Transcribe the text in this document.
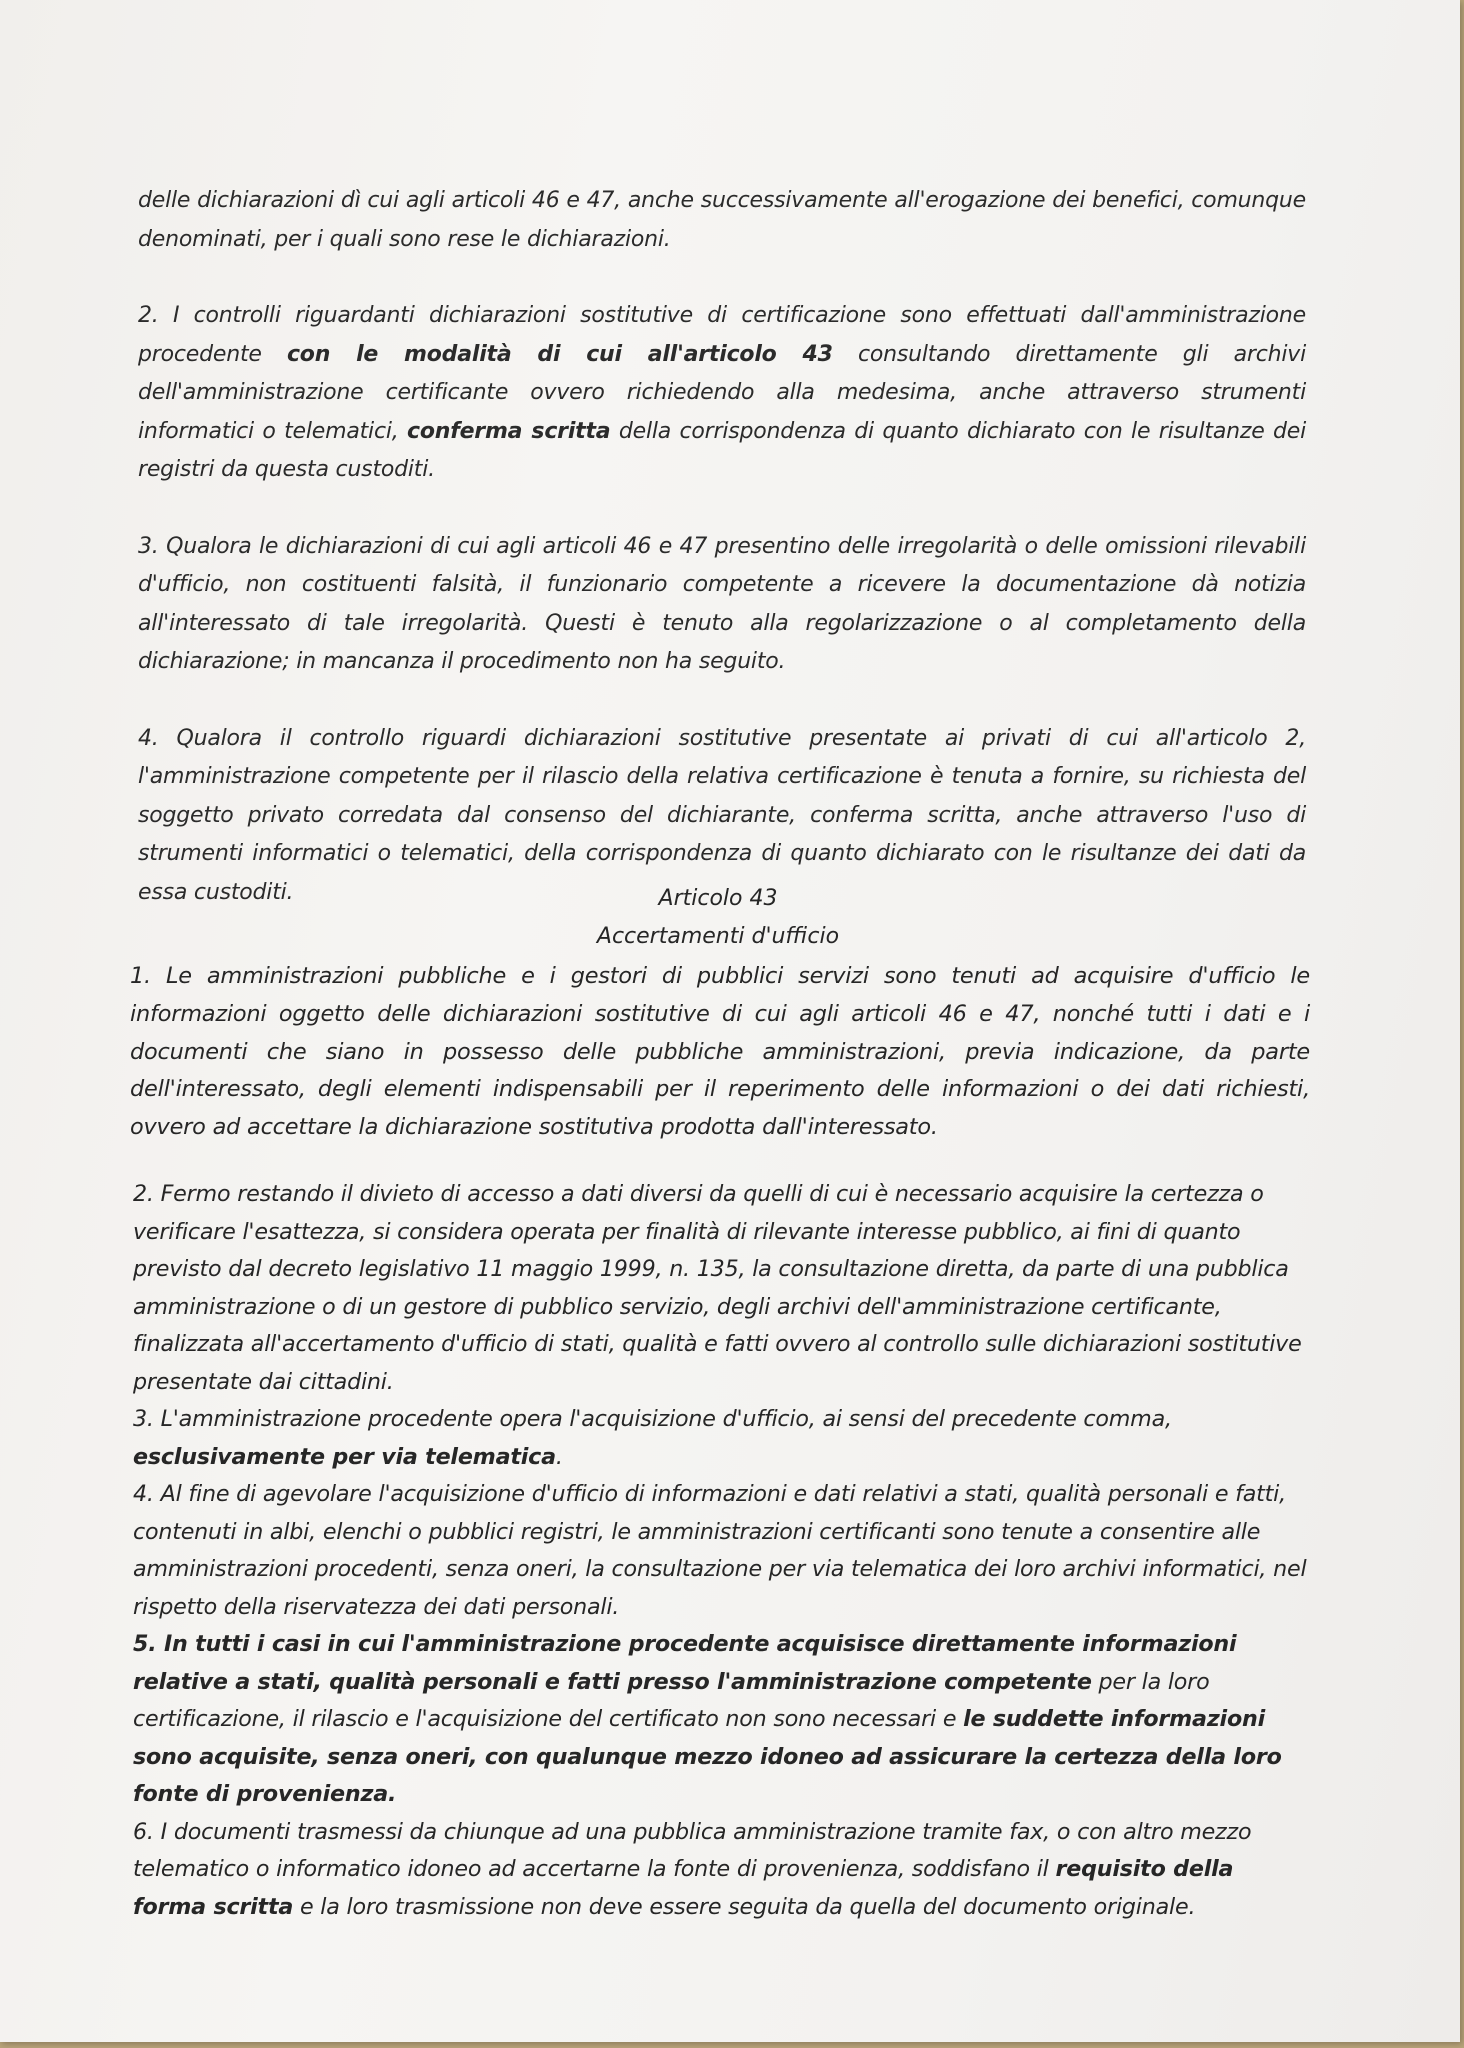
delle dichiarazioni dì cui agli articoli 46 e 47, anche successivamente all'erogazione dei benefici, comunque denominati, per i quali sono rese le dichiarazioni.

2. I controlli riguardanti dichiarazioni sostitutive di certificazione sono effettuati dall'amministrazione procedente con le modalità di cui all'articolo 43 consultando direttamente gli archivi dell'amministrazione certificante ovvero richiedendo alla medesima, anche attraverso strumenti informatici o telematici, conferma scritta della corrispondenza di quanto dichiarato con le risultanze dei registri da questa custoditi.

3. Qualora le dichiarazioni di cui agli articoli 46 e 47 presentino delle irregolarità o delle omissioni rilevabili d'ufficio, non costituenti falsità, il funzionario competente a ricevere la documentazione dà notizia all'interessato di tale irregolarità. Questi è tenuto alla regolarizzazione o al completamento della dichiarazione; in mancanza il procedimento non ha seguito.

4. Qualora il controllo riguardi dichiarazioni sostitutive presentate ai privati di cui all'articolo 2, l'amministrazione competente per il rilascio della relativa certificazione è tenuta a fornire, su richiesta del soggetto privato corredata dal consenso del dichiarante, conferma scritta, anche attraverso l'uso di strumenti informatici o telematici, della corrispondenza di quanto dichiarato con le risultanze dei dati da essa custoditi.	Articolo 43

Accertamenti d'ufficio

1. Le amministrazioni pubbliche e i gestori di pubblici servizi sono tenuti ad acquisire d'ufficio le informazioni oggetto delle dichiarazioni sostitutive di cui agli articoli 46 e 47, nonché tutti i dati e i documenti che siano in possesso delle pubbliche amministrazioni, previa indicazione, da parte dell'interessato, degli elementi indispensabili per il reperimento delle informazioni o dei dati richiesti, ovvero ad accettare la dichiarazione sostitutiva prodotta dall'interessato.

2. Fermo restando il divieto di accesso a dati diversi da quelli di cui è necessario acquisire la certezza o verificare l'esattezza, si considera operata per finalità di rilevante interesse pubblico, ai fini di quanto previsto dal decreto legislativo 11 maggio 1999, n. 135, la consultazione diretta, da parte di una pubblica amministrazione o di un gestore di pubblico servizio, degli archivi dell'amministrazione certificante, finalizzata all'accertamento d'ufficio di stati, qualità e fatti ovvero al controllo sulle dichiarazioni sostitutive presentate dai cittadini.

3. L'amministrazione procedente opera l'acquisizione d'ufficio, ai sensi del precedente comma, esclusivamente per via telematica.

4. Al fine di agevolare l'acquisizione d'ufficio di informazioni e dati relativi a stati, qualità personali e fatti, contenuti in albi, elenchi o pubblici registri, le amministrazioni certificanti sono tenute a consentire alle amministrazioni procedenti, senza oneri, la consultazione per via telematica dei loro archivi informatici, nel rispetto della riservatezza dei dati personali.

5. In tutti i casi in cui l'amministrazione procedente acquisisce direttamente informazioni relative a stati, qualità personali e fatti presso l'amministrazione competente per la loro certificazione, il rilascio e l'acquisizione del certificato non sono necessari e le suddette informazioni sono acquisite, senza oneri, con qualunque mezzo idoneo ad assicurare la certezza della loro fonte di provenienza.

6. I documenti trasmessi da chiunque ad una pubblica amministrazione tramite fax, o con altro mezzo telematico o informatico idoneo ad accertarne la fonte di provenienza, soddisfano il requisito della forma scritta e la loro trasmissione non deve essere seguita da quella del documento originale.
